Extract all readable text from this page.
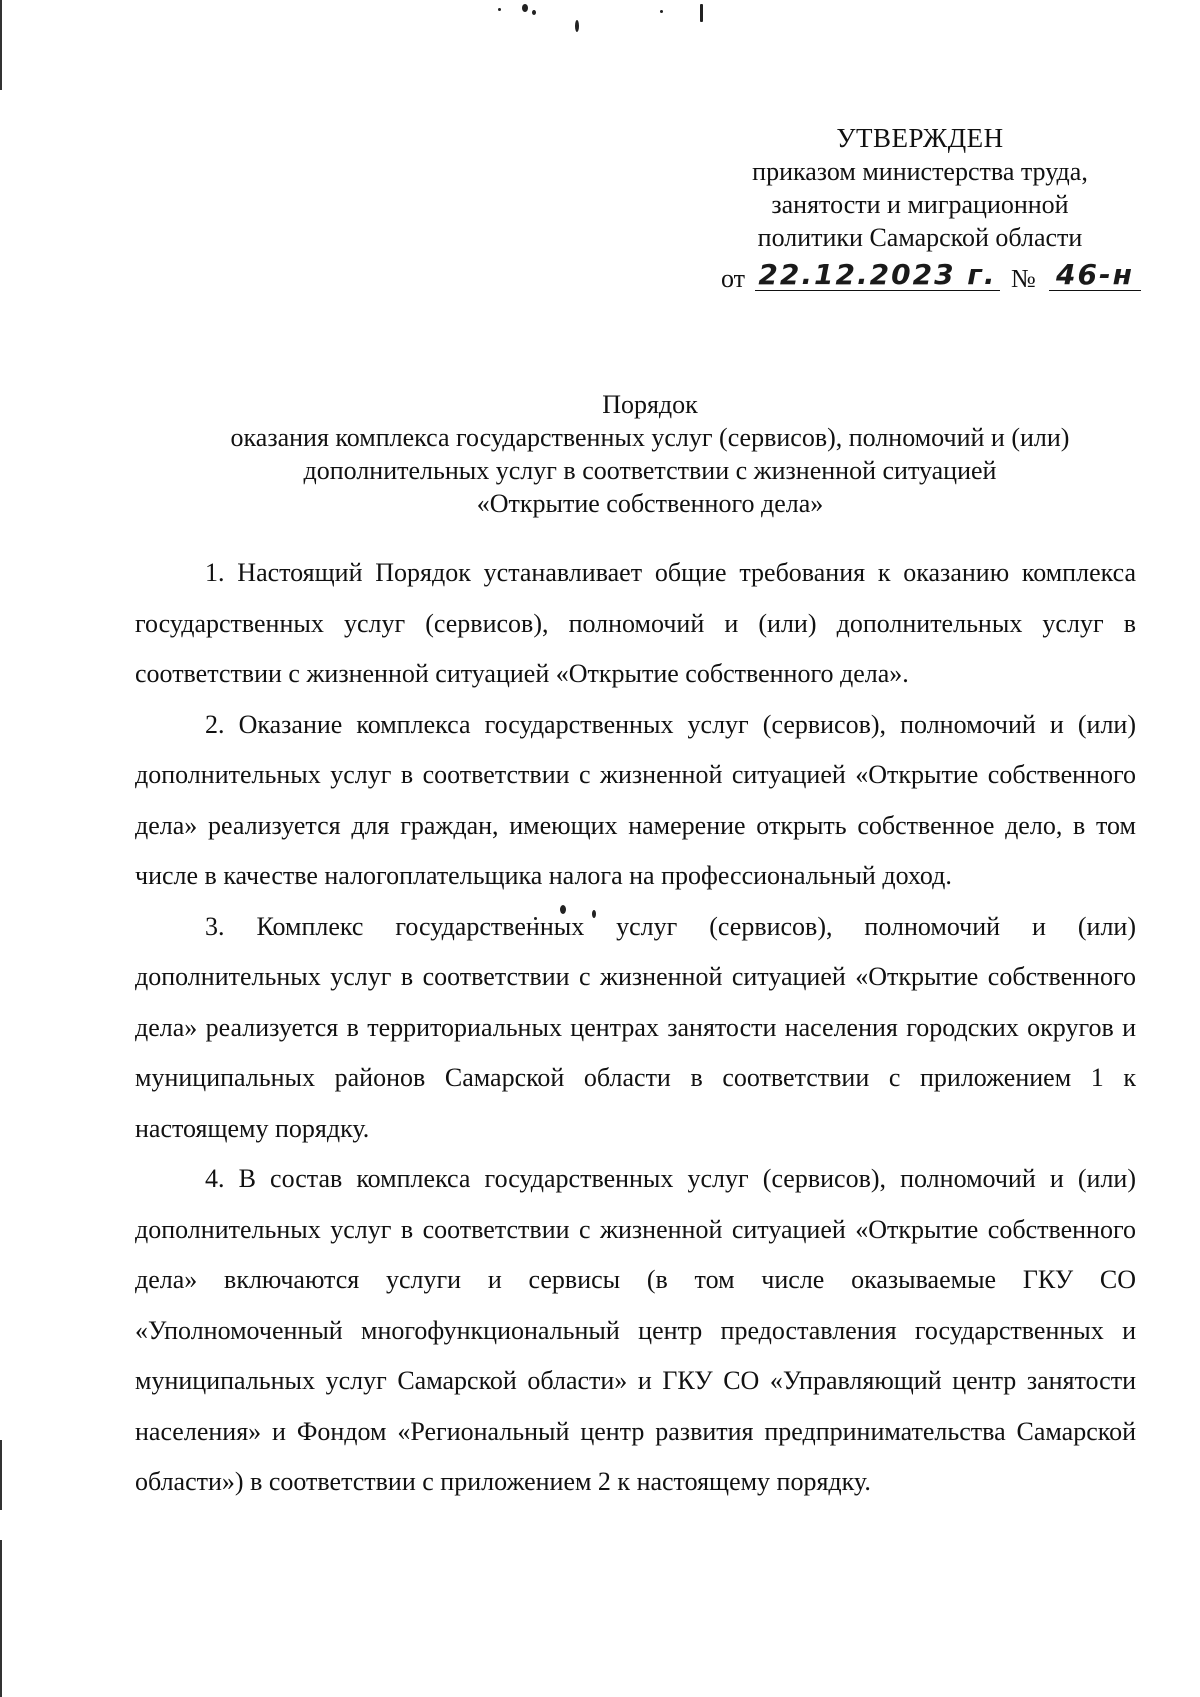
УТВЕРЖДЕН
приказом министерства труда,
занятости и миграционной
политики Самарской области
от 22.12.2023 г. № 46-н
Порядок
оказания комплекса государственных услуг (сервисов), полномочий и (или)
дополнительных услуг в соответствии с жизненной ситуацией
«Открытие собственного дела»

1. Настоящий Порядок устанавливает общие требования к оказанию комплекса государственных услуг (сервисов), полномочий и (или) дополнительных услуг в соответствии с жизненной ситуацией «Открытие собственного дела».

2. Оказание комплекса государственных услуг (сервисов), полномочий и (или) дополнительных услуг в соответствии с жизненной ситуацией «Открытие собственного дела» реализуется для граждан, имеющих намерение открыть собственное дело, в том числе в качестве налогоплательщика налога на профессиональный доход.

3. Комплекс государственных услуг (сервисов), полномочий и (или) дополнительных услуг в соответствии с жизненной ситуацией «Открытие собственного дела» реализуется в территориальных центрах занятости населения городских округов и муниципальных районов Самарской области в соответствии с приложением 1 к настоящему порядку.

4. В состав комплекса государственных услуг (сервисов), полномочий и (или) дополнительных услуг в соответствии с жизненной ситуацией «Открытие собственного дела» включаются услуги и сервисы (в том числе оказываемые ГКУ СО «Уполномоченный многофункциональный центр предоставления государственных и муниципальных услуг Самарской области» и ГКУ СО «Управляющий центр занятости населения» и Фондом «Региональный центр развития предпринимательства Самарской области») в соответствии с приложением 2 к настоящему порядку.
